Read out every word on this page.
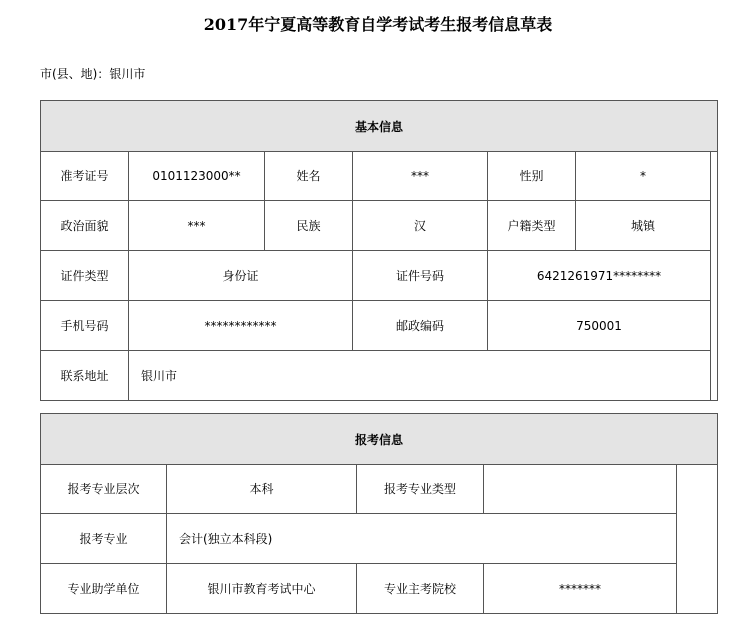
2017年宁夏高等教育自学考试考生报考信息草表
市(县、地)：银川市
基本信息
准考证号	0101123000**	姓名	***	性别	*
政治面貌	***	民族	汉	户籍类型	城镇
证件类型	身份证	证件号码	6421261971********
手机号码	************	邮政编码	750001
联系地址	银川市
报考信息
报考专业层次	本科	报考专业类型
报考专业	会计(独立本科段)
专业助学单位	银川市教育考试中心	专业主考院校	*******
